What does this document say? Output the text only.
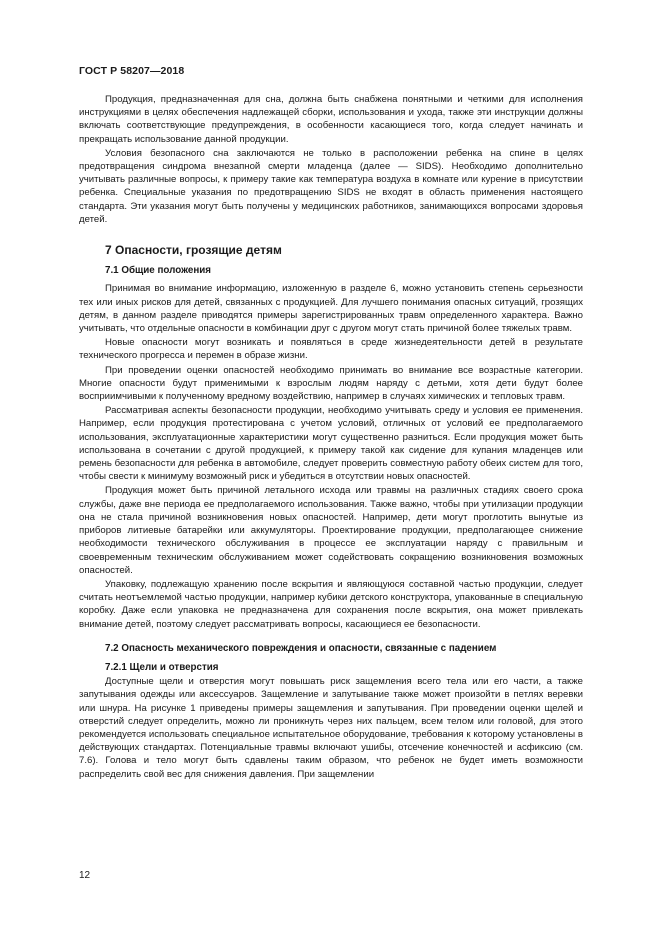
ГОСТ Р 58207—2018

Продукция, предназначенная для сна, должна быть снабжена понятными и четкими для исполнения инструкциями в целях обеспечения надлежащей сборки, использования и ухода, также эти инструкции должны включать соответствующие предупреждения, в особенности касающиеся того, когда следует начинать и прекращать использование данной продукции.

Условия безопасного сна заключаются не только в расположении ребенка на спине в целях предотвращения синдрома внезапной смерти младенца (далее — SIDS). Необходимо дополнительно учитывать различные вопросы, к примеру такие как температура воздуха в комнате или курение в присутствии ребенка. Специальные указания по предотвращению SIDS не входят в область применения настоящего стандарта. Эти указания могут быть получены у медицинских работников, занимающихся вопросами здоровья детей.

7 Опасности, грозящие детям
7.1 Общие положения

Принимая во внимание информацию, изложенную в разделе 6, можно установить степень серьезности тех или иных рисков для детей, связанных с продукцией. Для лучшего понимания опасных ситуаций, грозящих детям, в данном разделе приводятся примеры зарегистрированных травм определенного характера. Важно учитывать, что отдельные опасности в комбинации друг с другом могут стать причиной более тяжелых травм.

Новые опасности могут возникать и появляться в среде жизнедеятельности детей в результате технического прогресса и перемен в образе жизни.

При проведении оценки опасностей необходимо принимать во внимание все возрастные категории. Многие опасности будут применимыми к взрослым людям наряду с детьми, хотя дети будут более восприимчивыми к полученному вредному воздействию, например в случаях химических и тепловых травм.

Рассматривая аспекты безопасности продукции, необходимо учитывать среду и условия ее применения. Например, если продукция протестирована с учетом условий, отличных от условий ее предполагаемого использования, эксплуатационные характеристики могут существенно разниться. Если продукция может быть использована в сочетании с другой продукцией, к примеру такой как сидение для купания младенцев или ремень безопасности для ребенка в автомобиле, следует проверить совместную работу обеих систем для того, чтобы свести к минимуму возможный риск и убедиться в отсутствии новых опасностей.

Продукция может быть причиной летального исхода или травмы на различных стадиях своего срока службы, даже вне периода ее предполагаемого использования. Также важно, чтобы при утилизации продукции она не стала причиной возникновения новых опасностей. Например, дети могут проглотить вынутые из приборов литиевые батарейки или аккумуляторы. Проектирование продукции, предполагающее снижение необходимости технического обслуживания в процессе ее эксплуатации наряду с правильным и своевременным техническим обслуживанием может содействовать сокращению возникновения возможных опасностей.

Упаковку, подлежащую хранению после вскрытия и являющуюся составной частью продукции, следует считать неотъемлемой частью продукции, например кубики детского конструктора, упакованные в специальную коробку. Даже если упаковка не предназначена для сохранения после вскрытия, она может привлекать внимание детей, поэтому следует рассматривать вопросы, касающиеся ее безопасности.

7.2 Опасность механического повреждения и опасности, связанные с падением
7.2.1 Щели и отверстия

Доступные щели и отверстия могут повышать риск защемления всего тела или его части, а также запутывания одежды или аксессуаров. Защемление и запутывание также может произойти в петлях веревки или шнура. На рисунке 1 приведены примеры защемления и запутывания. При проведении оценки щелей и отверстий следует определить, можно ли проникнуть через них пальцем, всем телом или головой, для этого рекомендуется использовать специальное испытательное оборудование, требования к которому установлены в действующих стандартах. Потенциальные травмы включают ушибы, отсечение конечностей и асфиксию (см. 7.6). Голова и тело могут быть сдавлены таким образом, что ребенок не будет иметь возможности распределить свой вес для снижения давления. При защемлении

12
